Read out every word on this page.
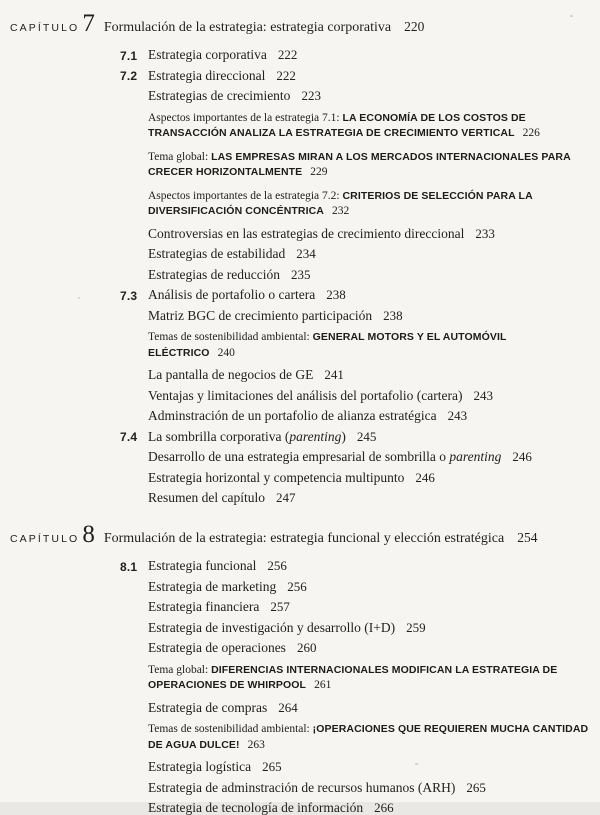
CAPÍTULO 7 Formulación de la estrategia: estrategia corporativa 220
7.1 Estrategia corporativa 222
7.2 Estrategia direccional 222
Estrategias de crecimiento 223
Aspectos importantes de la estrategia 7.1: LA ECONOMÍA DE LOS COSTOS DE TRANSACCIÓN ANALIZA LA ESTRATEGIA DE CRECIMIENTO VERTICAL 226
Tema global: LAS EMPRESAS MIRAN A LOS MERCADOS INTERNACIONALES PARA CRECER HORIZONTALMENTE 229
Aspectos importantes de la estrategia 7.2: CRITERIOS DE SELECCIÓN PARA LA DIVERSIFICACIÓN CONCÉNTRICA 232
Controversias en las estrategias de crecimiento direccional 233
Estrategias de estabilidad 234
Estrategias de reducción 235
7.3 Análisis de portafolio o cartera 238
Matriz BGC de crecimiento participación 238
Temas de sostenibilidad ambiental: GENERAL MOTORS Y EL AUTOMÓVIL ELÉCTRICO 240
La pantalla de negocios de GE 241
Ventajas y limitaciones del análisis del portafolio (cartera) 243
Adminstración de un portafolio de alianza estratégica 243
7.4 La sombrilla corporativa (parenting) 245
Desarrollo de una estrategia empresarial de sombrilla o parenting 246
Estrategia horizontal y competencia multipunto 246
Resumen del capítulo 247
CAPÍTULO 8 Formulación de la estrategia: estrategia funcional y elección estratégica 254
8.1 Estrategia funcional 256
Estrategia de marketing 256
Estrategia financiera 257
Estrategia de investigación y desarrollo (I+D) 259
Estrategia de operaciones 260
Tema global: DIFERENCIAS INTERNACIONALES MODIFICAN LA ESTRATEGIA DE OPERACIONES DE WHIRPOOL 261
Estrategia de compras 264
Temas de sostenibilidad ambiental: ¡OPERACIONES QUE REQUIEREN MUCHA CANTIDAD DE AGUA DULCE! 263
Estrategia logística 265
Estrategia de adminstración de recursos humanos (ARH) 265
Estrategia de tecnología de información 266
